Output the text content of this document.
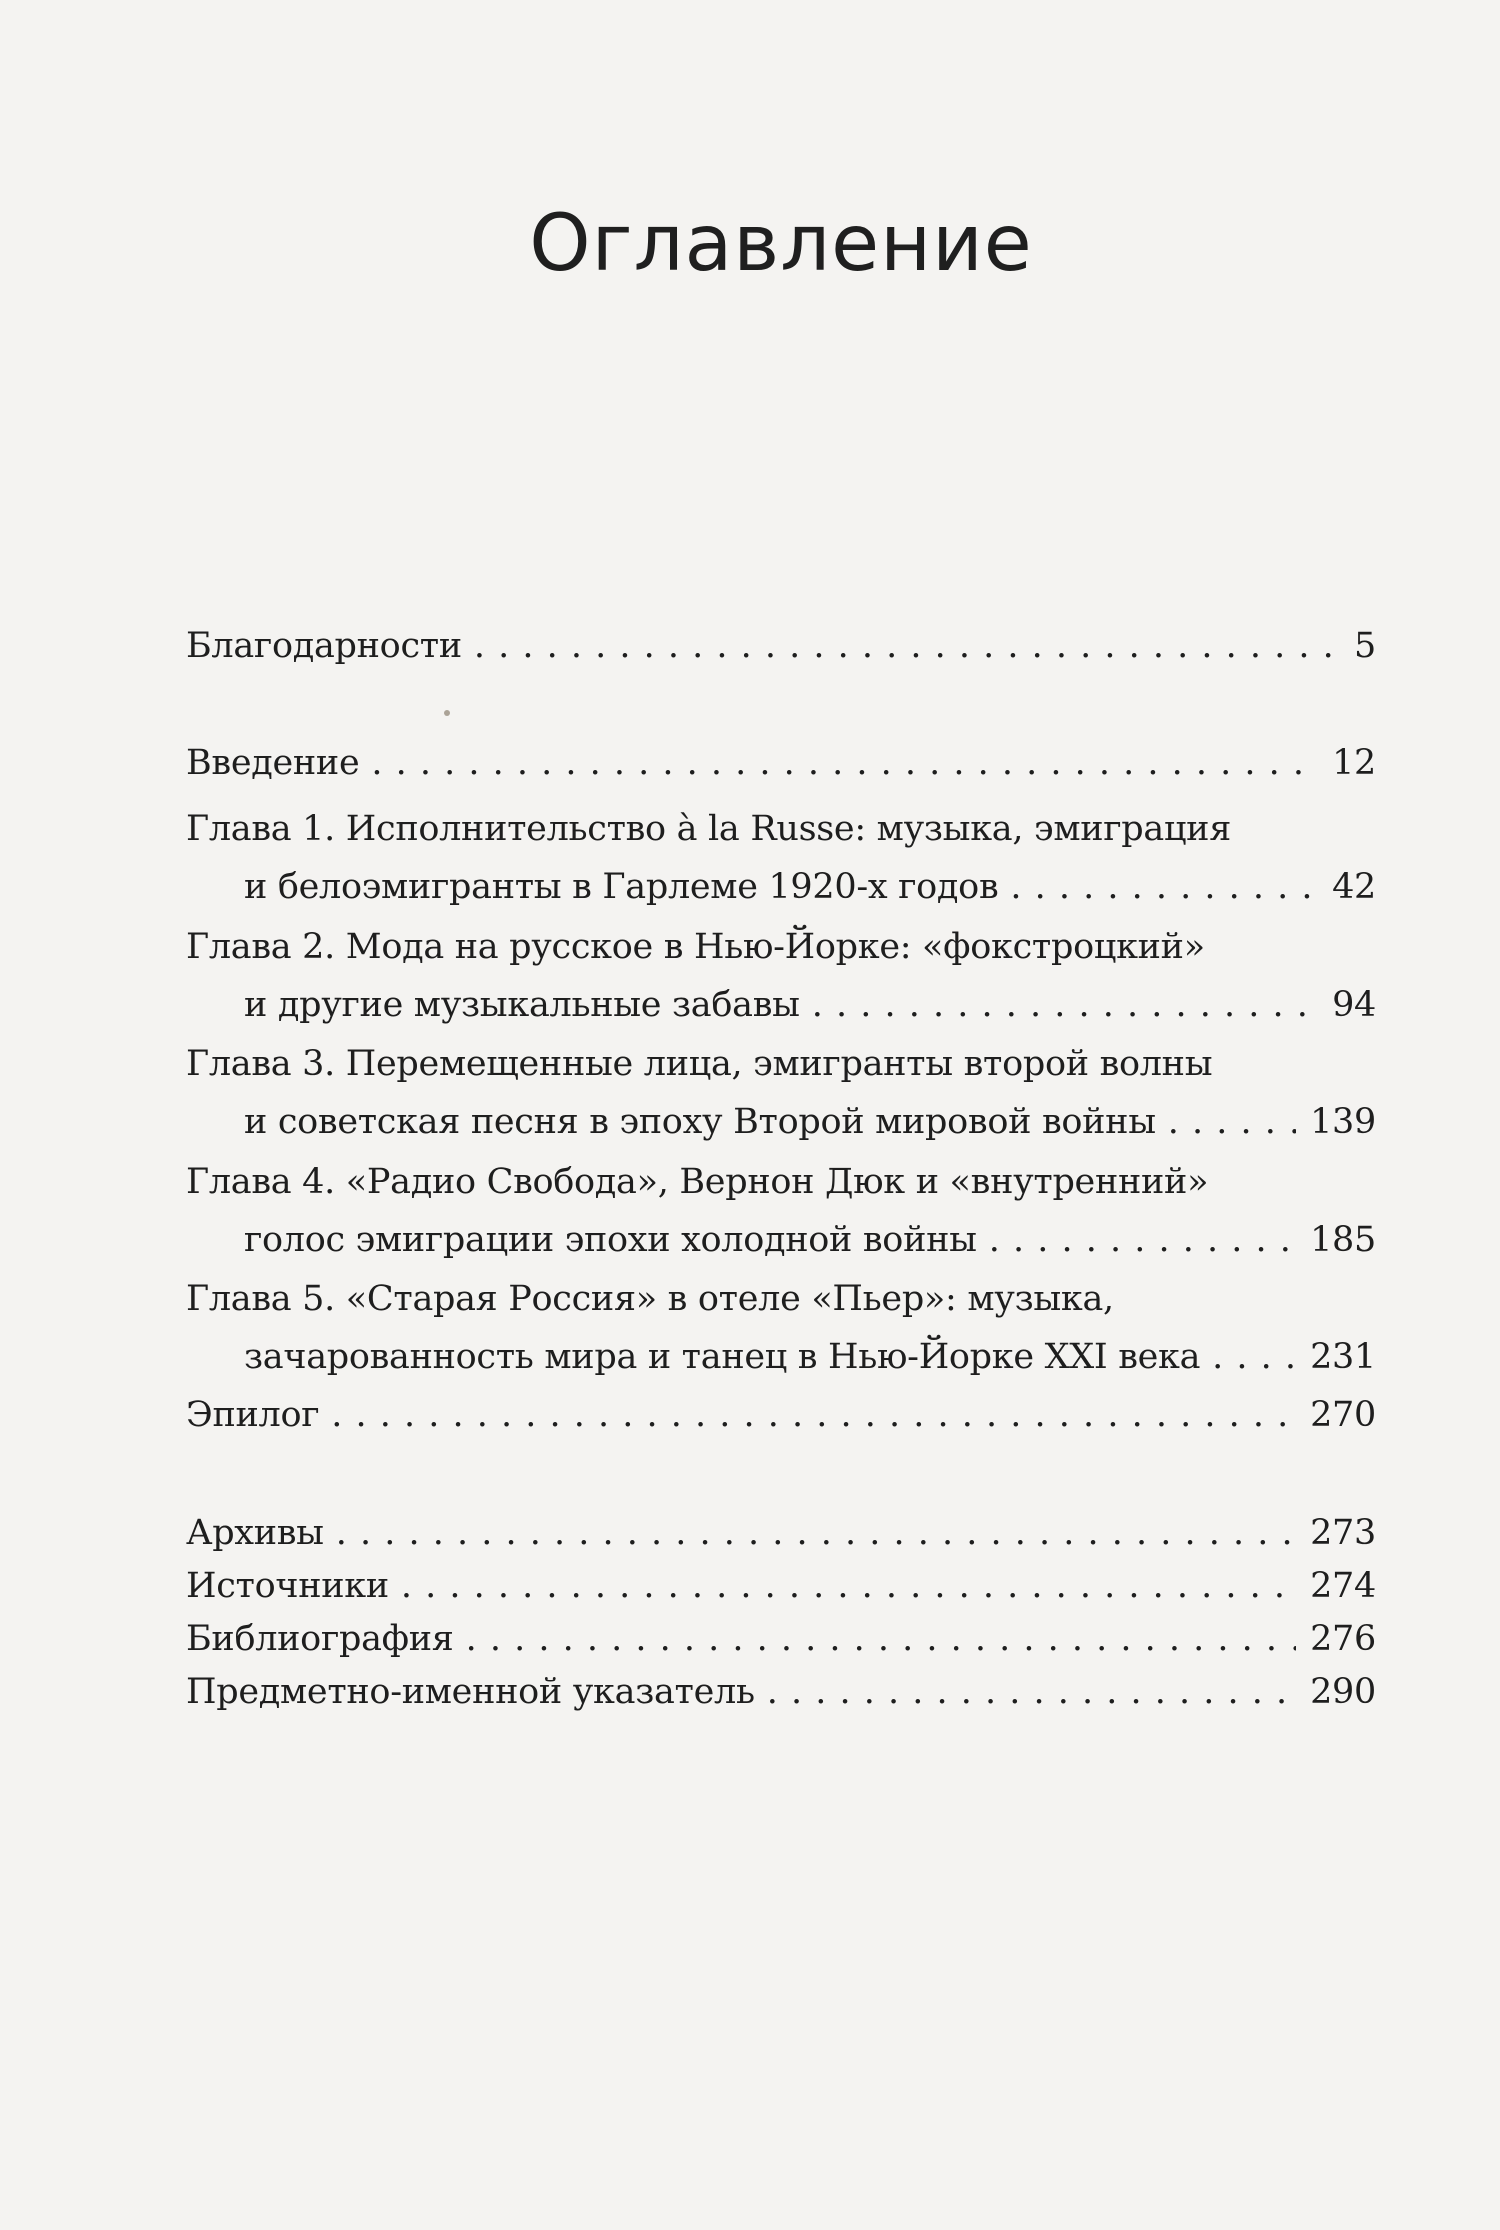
Оглавление
Благодарности . . .	5
Введение . . .	12
Глава 1. Исполнительство à la Russe: музыка, эмиграция
и белоэмигранты в Гарлеме 1920-х годов . . .	42
Глава 2. Мода на русское в Нью-Йорке: «фокстроцкий»
и другие музыкальные забавы . . .	94
Глава 3. Перемещенные лица, эмигранты второй волны
и советская песня в эпоху Второй мировой войны . . .	139
Глава 4. «Радио Свобода», Вернон Дюк и «внутренний»
голос эмиграции эпохи холодной войны . . .	185
Глава 5. «Старая Россия» в отеле «Пьер»: музыка,
зачарованность мира и танец в Нью-Йорке XXI века . . .	231
Эпилог . . .	270
Архивы . . .	273
Источники . . .	274
Библиография . . .	276
Предметно-именной указатель . . .	290
